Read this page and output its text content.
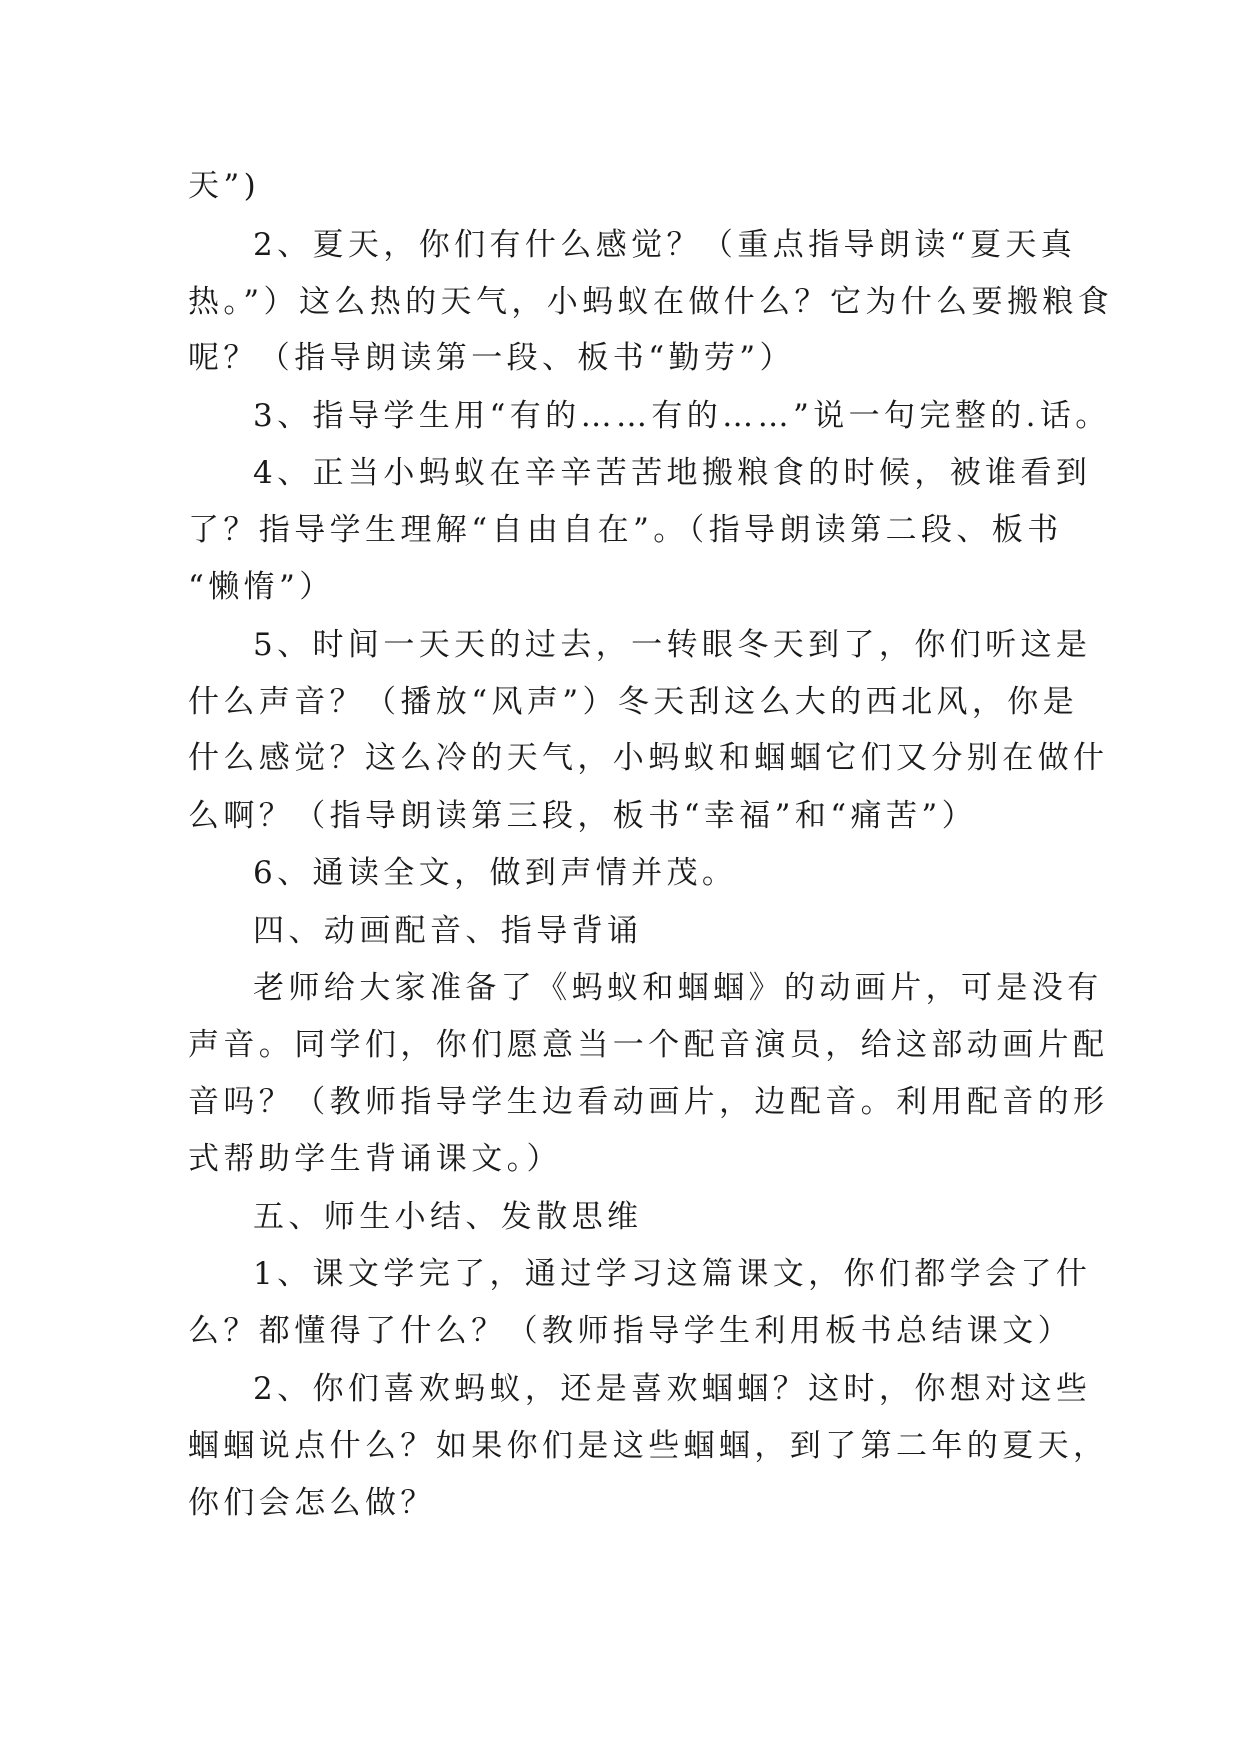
天”)
2、夏天，你们有什么感觉？（重点指导朗读“夏天真
热。”）这么热的天气，小蚂蚁在做什么？它为什么要搬粮食
呢？（指导朗读第一段、板书“勤劳”）
3、指导学生用“有的……有的……”说一句完整的.话。
4、正当小蚂蚁在辛辛苦苦地搬粮食的时候，被谁看到
了？指导学生理解“自由自在”。（指导朗读第二段、板书
“懒惰”）
5、时间一天天的过去，一转眼冬天到了，你们听这是
什么声音？（播放“风声”）冬天刮这么大的西北风，你是
什么感觉？这么冷的天气，小蚂蚁和蝈蝈它们又分别在做什
么啊？（指导朗读第三段，板书“幸福”和“痛苦”）
6、通读全文，做到声情并茂。
四、动画配音、指导背诵
老师给大家准备了《蚂蚁和蝈蝈》的动画片，可是没有
声音。同学们，你们愿意当一个配音演员，给这部动画片配
音吗？（教师指导学生边看动画片，边配音。利用配音的形
式帮助学生背诵课文。）
五、师生小结、发散思维
1、课文学完了，通过学习这篇课文，你们都学会了什
么？都懂得了什么？（教师指导学生利用板书总结课文）
2、你们喜欢蚂蚁，还是喜欢蝈蝈？这时，你想对这些
蝈蝈说点什么？如果你们是这些蝈蝈，到了第二年的夏天，
你们会怎么做？
